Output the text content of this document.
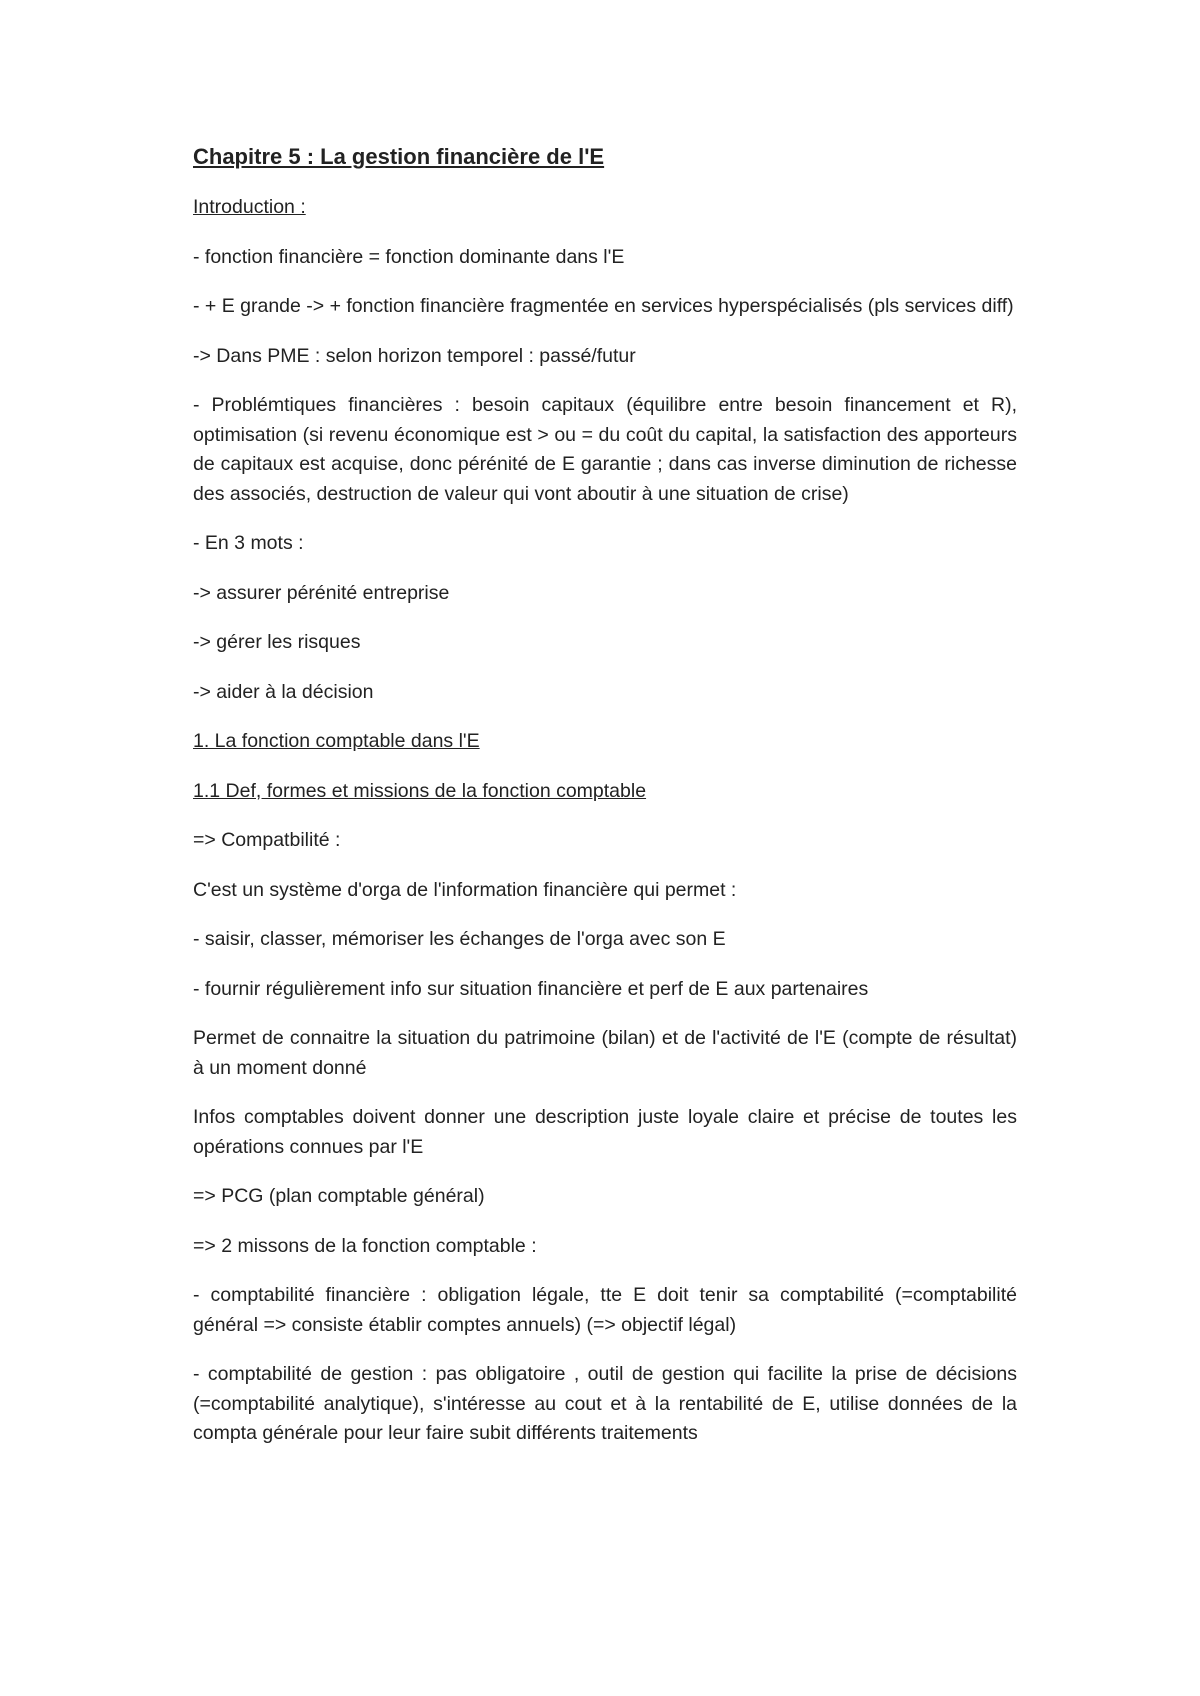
Chapitre 5 : La gestion financière de l'E

Introduction :

- fonction financière = fonction dominante dans l'E

- + E grande -> + fonction financière fragmentée en services hyperspécialisés (pls services diff)

-> Dans PME : selon horizon temporel : passé/futur

- Problémtiques financières : besoin capitaux (équilibre entre besoin financement et R), optimisation (si revenu économique est > ou = du coût du capital, la satisfaction des apporteurs de capitaux est acquise, donc pérénité de E garantie ; dans cas inverse diminution de richesse des associés, destruction de valeur qui vont aboutir à une situation de crise)

- En 3 mots :

-> assurer pérénité entreprise

-> gérer les risques

-> aider à la décision

1. La fonction comptable dans l'E

1.1 Def, formes et missions de la fonction comptable

=> Compatbilité :

C'est un système d'orga de l'information financière qui permet :

- saisir, classer, mémoriser les échanges de l'orga avec son E

- fournir régulièrement info sur situation financière et perf de E aux partenaires

Permet de connaitre la situation du patrimoine (bilan) et de l'activité de l'E (compte de résultat) à un moment donné

Infos comptables doivent donner une description juste loyale claire et précise de toutes les opérations connues par l'E

=> PCG (plan comptable général)

=> 2 missons de la fonction comptable :

- comptabilité financière : obligation légale, tte E doit tenir sa comptabilité (=comptabilité général => consiste établir comptes annuels) (=> objectif légal)

- comptabilité de gestion : pas obligatoire , outil de gestion qui facilite la prise de décisions (=comptabilité analytique), s'intéresse au cout et à la rentabilité de E, utilise données de la compta générale pour leur faire subit différents traitements
